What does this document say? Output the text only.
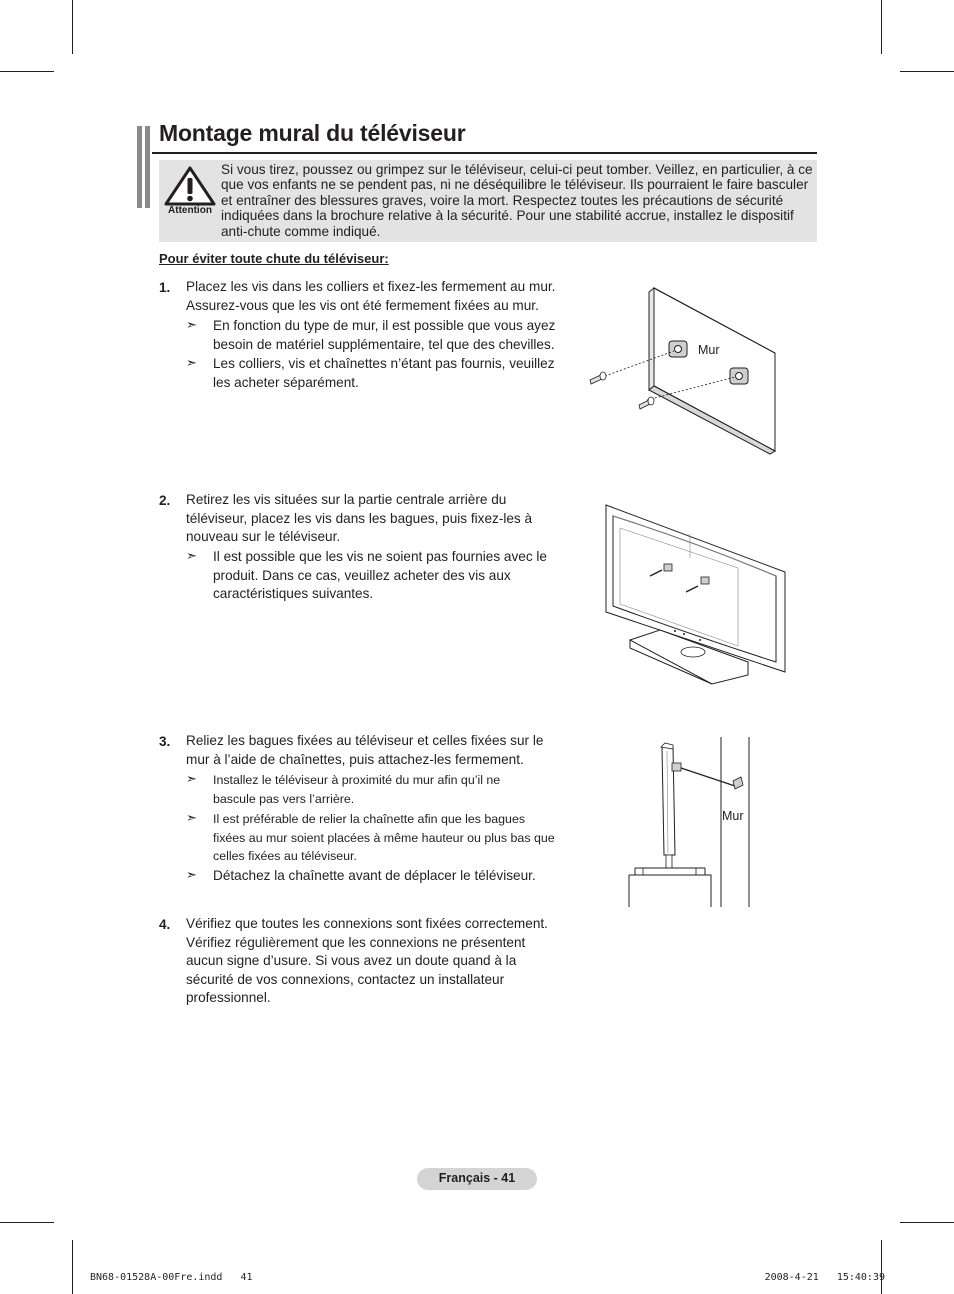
Montage mural du téléviseur
Attention
Si vous tirez, poussez ou grimpez sur le téléviseur, celui-ci peut tomber. Veillez, en particulier, à ce que vos enfants ne se pendent pas, ni ne déséquilibre le téléviseur. Ils pourraient le faire basculer et entraîner des blessures graves, voire la mort. Respectez toutes les précautions de sécurité indiquées dans la brochure relative à la sécurité. Pour une stabilité accrue, installez le dispositif anti-chute comme indiqué.
Pour éviter toute chute du téléviseur:
1. Placez les vis dans les colliers et fixez-les fermement au mur. Assurez-vous que les vis ont été fermement fixées au mur.
➣ En fonction du type de mur, il est possible que vous ayez besoin de matériel supplémentaire, tel que des chevilles.
➣ Les colliers, vis et chaînettes n’étant pas fournis, veuillez les acheter séparément.
Mur
2. Retirez les vis situées sur la partie centrale arrière du téléviseur, placez les vis dans les bagues, puis fixez-les à nouveau sur le téléviseur.
➣ Il est possible que les vis ne soient pas fournies avec le produit. Dans ce cas, veuillez acheter des vis aux caractéristiques suivantes.
3. Reliez les bagues fixées au téléviseur et celles fixées sur le mur à l’aide de chaînettes, puis attachez-les fermement.
➣ Installez le téléviseur à proximité du mur afin qu’il ne bascule pas vers l’arrière.
➣ Il est préférable de relier la chaînette afin que les bagues fixées au mur soient placées à même hauteur ou plus bas que celles fixées au téléviseur.
➣ Détachez la chaînette avant de déplacer le téléviseur.
Mur
4. Vérifiez que toutes les connexions sont fixées correctement. Vérifiez régulièrement que les connexions ne présentent aucun signe d’usure. Si vous avez un doute quand à la sécurité de vos connexions, contactez un installateur professionnel.
Français - 41
BN68-01528A-00Fre.indd   41	2008-4-21   15:40:39
